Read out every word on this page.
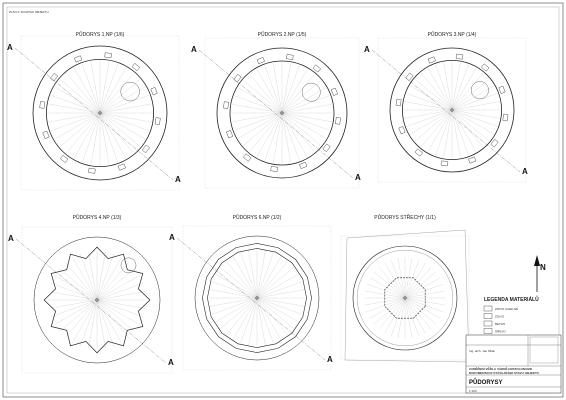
PLÁN K SOUPISU OBJEKTU
PŮDORYS 1.NP (1/6)
A
A
PŮDORYS 2.NP (1/5)
A
A
PŮDORYS 3.NP (1/4)
A
A
PŮDORYS 4.NP (1/3)
A
A
PŮDORYS 6.NP (1/2)
A
A
PŮDORYS STŘECHY (1/1)
N
LEGENDA MATERIÁLŮ
ZDIVO CIHELNÉ
ZDIVO
BETON
DŘEVO
Ing. arch. Jan Milan
ZAMĚŘENÍ VĚŽE A VÁDNĚ HRSTOLONAMO
DOKUMENTACE STÁVAJÍCÍHO STAVU OBJEKTU
PŮDORYSY
1:100
